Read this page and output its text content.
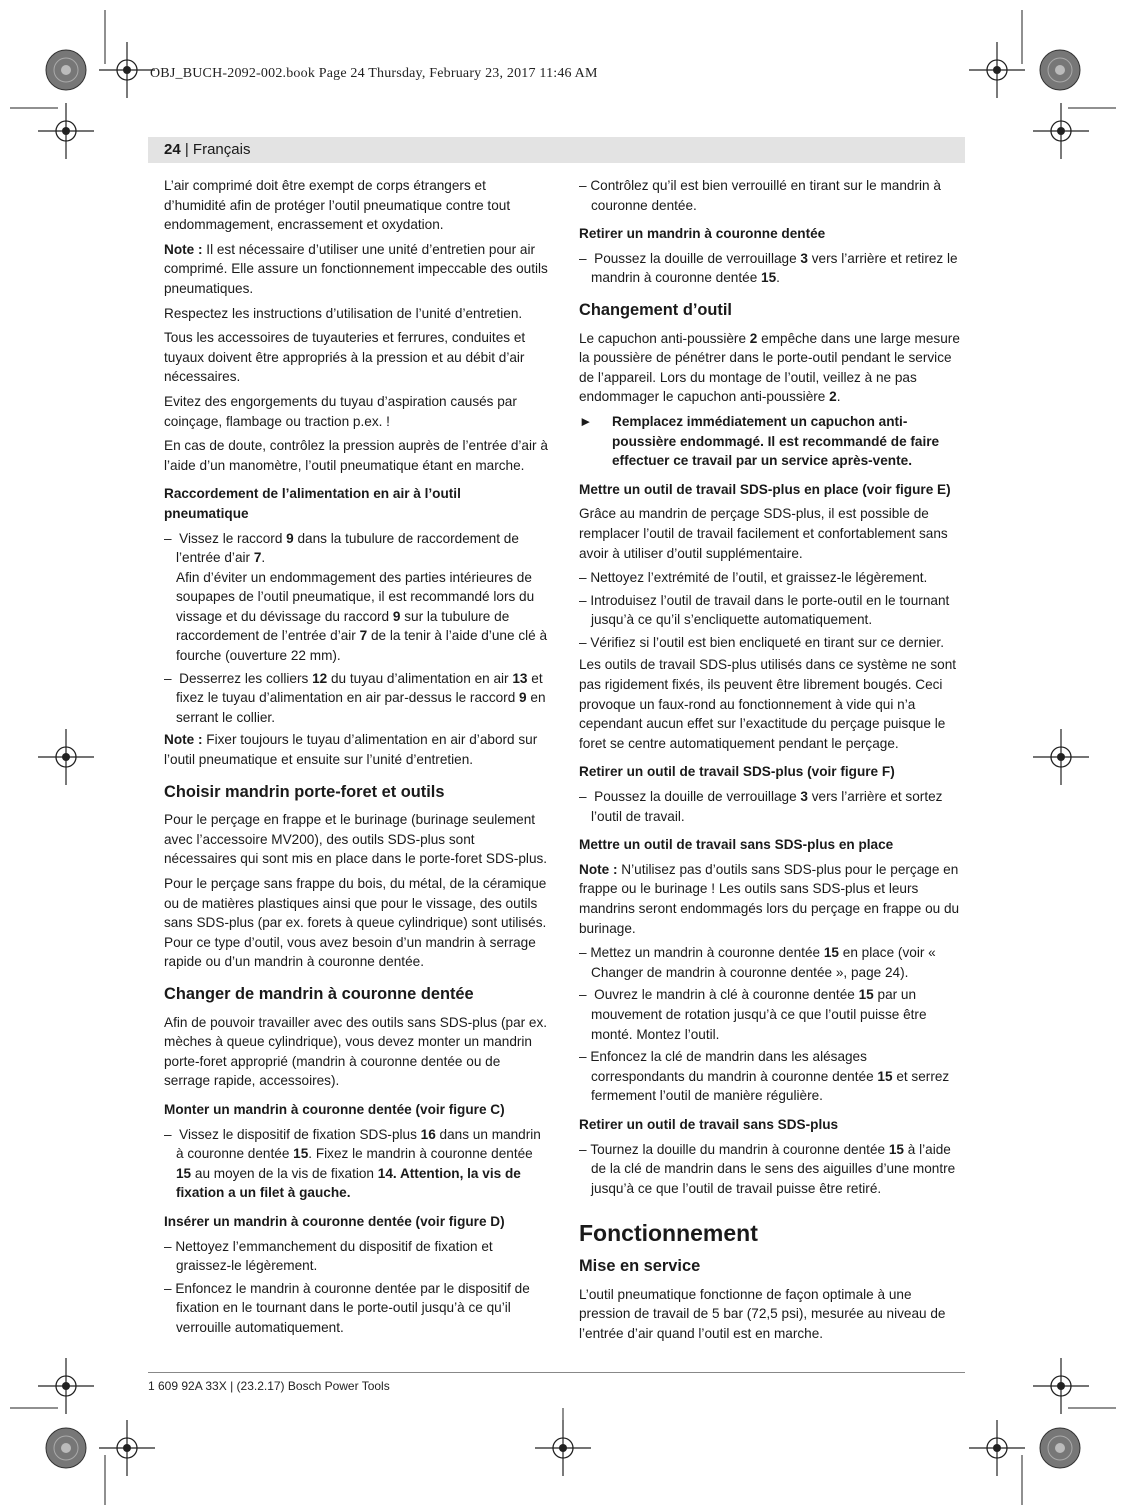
OBJ_BUCH-2092-002.book Page 24 Thursday, February 23, 2017 11:46 AM
24 | Français

L’air comprimé doit être exempt de corps étrangers et d’humidité afin de protéger l’outil pneumatique contre tout endommagement, encrassement et oxydation.

Note : Il est nécessaire d’utiliser une unité d’entretien pour air comprimé. Elle assure un fonctionnement impeccable des outils pneumatiques.

Respectez les instructions d’utilisation de l’unité d’entretien.

Tous les accessoires de tuyauteries et ferrures, conduites et tuyaux doivent être appropriés à la pression et au débit d’air nécessaires.

Evitez des engorgements du tuyau d’aspiration causés par coinçage, flambage ou traction p.ex. !

En cas de doute, contrôlez la pression auprès de l’entrée d’air à l’aide d’un manomètre, l’outil pneumatique étant en marche.

Raccordement de l’alimentation en air à l’outil pneumatique
– Vissez le raccord 9 dans la tubulure de raccordement de l’entrée d’air 7.
Afin d’éviter un endommagement des parties intérieures de soupapes de l’outil pneumatique, il est recommandé lors du vissage et du dévissage du raccord 9 sur la tubulure de raccordement de l’entrée d’air 7 de la tenir à l’aide d’une clé à fourche (ouverture 22 mm).
– Desserrez les colliers 12 du tuyau d’alimentation en air 13 et fixez le tuyau d’alimentation en air par-dessus le raccord 9 en serrant le collier.

Note : Fixer toujours le tuyau d’alimentation en air d’abord sur l’outil pneumatique et ensuite sur l’unité d’entretien.

Choisir mandrin porte-foret et outils

Pour le perçage en frappe et le burinage (burinage seulement avec l’accessoire MV200), des outils SDS-plus sont nécessaires qui sont mis en place dans le porte-foret SDS-plus.

Pour le perçage sans frappe du bois, du métal, de la céramique ou de matières plastiques ainsi que pour le vissage, des outils sans SDS-plus (par ex. forets à queue cylindrique) sont utilisés. Pour ce type d’outil, vous avez besoin d’un mandrin à serrage rapide ou d’un mandrin à couronne dentée.

Changer de mandrin à couronne dentée

Afin de pouvoir travailler avec des outils sans SDS-plus (par ex. mèches à queue cylindrique), vous devez monter un mandrin porte-foret approprié (mandrin à couronne dentée ou de serrage rapide, accessoires).

Monter un mandrin à couronne dentée (voir figure C)
– Vissez le dispositif de fixation SDS-plus 16 dans un mandrin à couronne dentée 15. Fixez le mandrin à couronne dentée 15 au moyen de la vis de fixation 14. Attention, la vis de fixation a un filet à gauche.
Insérer un mandrin à couronne dentée (voir figure D)
– Nettoyez l’emmanchement du dispositif de fixation et graissez-le légèrement.
– Enfoncez le mandrin à couronne dentée par le dispositif de fixation en le tournant dans le porte-outil jusqu’à ce qu’il verrouille automatiquement.
– Contrôlez qu’il est bien verrouillé en tirant sur le mandrin à couronne dentée.
Retirer un mandrin à couronne dentée
– Poussez la douille de verrouillage 3 vers l’arrière et retirez le mandrin à couronne dentée 15.
Changement d’outil

Le capuchon anti-poussière 2 empêche dans une large mesure la poussière de pénétrer dans le porte-outil pendant le service de l’appareil. Lors du montage de l’outil, veillez à ne pas endommager le capuchon anti-poussière 2.

► Remplacez immédiatement un capuchon anti-poussière endommagé. Il est recommandé de faire effectuer ce travail par un service après-vente.
Mettre un outil de travail SDS-plus en place (voir figure E)

Grâce au mandrin de perçage SDS-plus, il est possible de remplacer l’outil de travail facilement et confortablement sans avoir à utiliser d’outil supplémentaire.

– Nettoyez l’extrémité de l’outil, et graissez-le légèrement.
– Introduisez l’outil de travail dans le porte-outil en le tournant jusqu’à ce qu’il s’encliquette automatiquement.
– Vérifiez si l’outil est bien encliqueté en tirant sur ce dernier.

Les outils de travail SDS-plus utilisés dans ce système ne sont pas rigidement fixés, ils peuvent être librement bougés. Ceci provoque un faux-rond au fonctionnement à vide qui n’a cependant aucun effet sur l’exactitude du perçage puisque le foret se centre automatiquement pendant le perçage.

Retirer un outil de travail SDS-plus (voir figure F)
– Poussez la douille de verrouillage 3 vers l’arrière et sortez l’outil de travail.
Mettre un outil de travail sans SDS-plus en place

Note : N’utilisez pas d’outils sans SDS-plus pour le perçage en frappe ou le burinage ! Les outils sans SDS-plus et leurs mandrins seront endommagés lors du perçage en frappe ou du burinage.

– Mettez un mandrin à couronne dentée 15 en place (voir « Changer de mandrin à couronne dentée », page 24).
– Ouvrez le mandrin à clé à couronne dentée 15 par un mouvement de rotation jusqu’à ce que l’outil puisse être monté. Montez l’outil.
– Enfoncez la clé de mandrin dans les alésages correspondants du mandrin à couronne dentée 15 et serrez fermement l’outil de manière régulière.
Retirer un outil de travail sans SDS-plus
– Tournez la douille du mandrin à couronne dentée 15 à l’aide de la clé de mandrin dans le sens des aiguilles d’une montre jusqu’à ce que l’outil de travail puisse être retiré.
Fonctionnement
Mise en service

L’outil pneumatique fonctionne de façon optimale à une pression de travail de 5 bar (72,5 psi), mesurée au niveau de l’entrée d’air quand l’outil est en marche.

1 609 92A 33X | (23.2.17) Bosch Power Tools
